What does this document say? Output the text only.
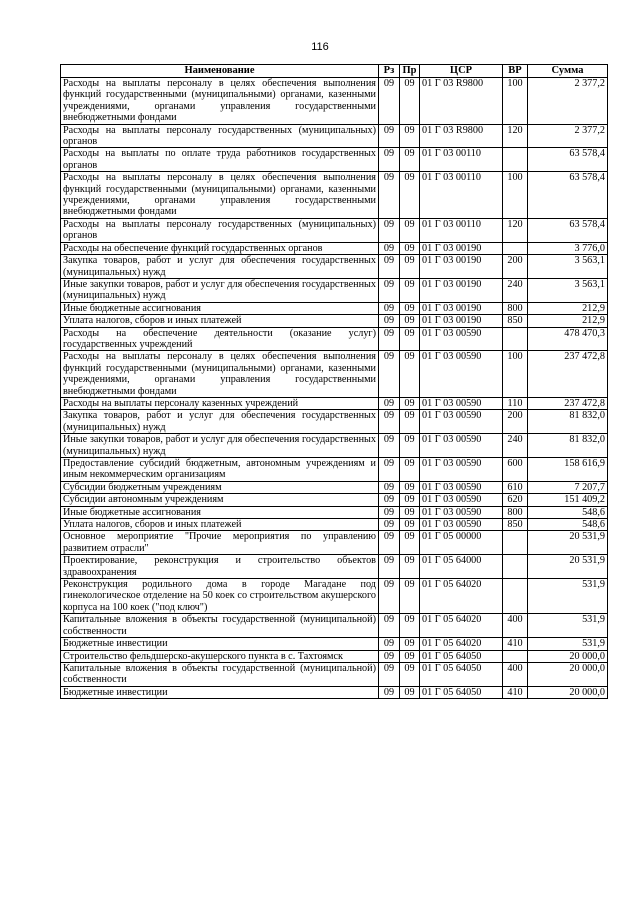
116
Наименование	Рз	Пр	ЦСР	ВР	Сумма
Расходы на выплаты персоналу в целях обеспечения выполнения функций государственными (муниципальными) органами, казенными учреждениями, органами управления государственными внебюджетными фондами	09	09	01 Г 03 R9800	100	2 377,2
Расходы на выплаты персоналу государственных (муниципальных) органов	09	09	01 Г 03 R9800	120	2 377,2
Расходы на выплаты по оплате труда работников государственных органов	09	09	01 Г 03 00110		63 578,4
Расходы на выплаты персоналу в целях обеспечения выполнения функций государственными (муниципальными) органами, казенными учреждениями, органами управления государственными внебюджетными фондами	09	09	01 Г 03 00110	100	63 578,4
Расходы на выплаты персоналу государственных (муниципальных) органов	09	09	01 Г 03 00110	120	63 578,4
Расходы на обеспечение функций государственных органов	09	09	01 Г 03 00190		3 776,0
Закупка товаров, работ и услуг для обеспечения государственных (муниципальных) нужд	09	09	01 Г 03 00190	200	3 563,1
Иные закупки товаров, работ и услуг для обеспечения государственных (муниципальных) нужд	09	09	01 Г 03 00190	240	3 563,1
Иные бюджетные ассигнования	09	09	01 Г 03 00190	800	212,9
Уплата налогов, сборов и иных платежей	09	09	01 Г 03 00190	850	212,9
Расходы на обеспечение деятельности (оказание услуг) государственных учреждений	09	09	01 Г 03 00590		478 470,3
Расходы на выплаты персоналу в целях обеспечения выполнения функций государственными (муниципальными) органами, казенными учреждениями, органами управления государственными внебюджетными фондами	09	09	01 Г 03 00590	100	237 472,8
Расходы на выплаты персоналу казенных учреждений	09	09	01 Г 03 00590	110	237 472,8
Закупка товаров, работ и услуг для обеспечения государственных (муниципальных) нужд	09	09	01 Г 03 00590	200	81 832,0
Иные закупки товаров, работ и услуг для обеспечения государственных (муниципальных) нужд	09	09	01 Г 03 00590	240	81 832,0
Предоставление субсидий бюджетным, автономным учреждениям и иным некоммерческим организациям	09	09	01 Г 03 00590	600	158 616,9
Субсидии бюджетным учреждениям	09	09	01 Г 03 00590	610	7 207,7
Субсидии автономным учреждениям	09	09	01 Г 03 00590	620	151 409,2
Иные бюджетные ассигнования	09	09	01 Г 03 00590	800	548,6
Уплата налогов, сборов и иных платежей	09	09	01 Г 03 00590	850	548,6
Основное мероприятие "Прочие мероприятия по управлению развитием отрасли"	09	09	01 Г 05 00000		20 531,9
Проектирование, реконструкция и строительство объектов здравоохранения	09	09	01 Г 05 64000		20 531,9
Реконструкция родильного дома в городе Магадане под гинекологическое отделение на 50 коек со строительством акушерского корпуса на 100 коек ("под ключ")	09	09	01 Г 05 64020		531,9
Капитальные вложения в объекты государственной (муниципальной) собственности	09	09	01 Г 05 64020	400	531,9
Бюджетные инвестиции	09	09	01 Г 05 64020	410	531,9
Строительство фельдшерско-акушерского пункта в с. Тахтоямск	09	09	01 Г 05 64050		20 000,0
Капитальные вложения в объекты государственной (муниципальной) собственности	09	09	01 Г 05 64050	400	20 000,0
Бюджетные инвестиции	09	09	01 Г 05 64050	410	20 000,0
